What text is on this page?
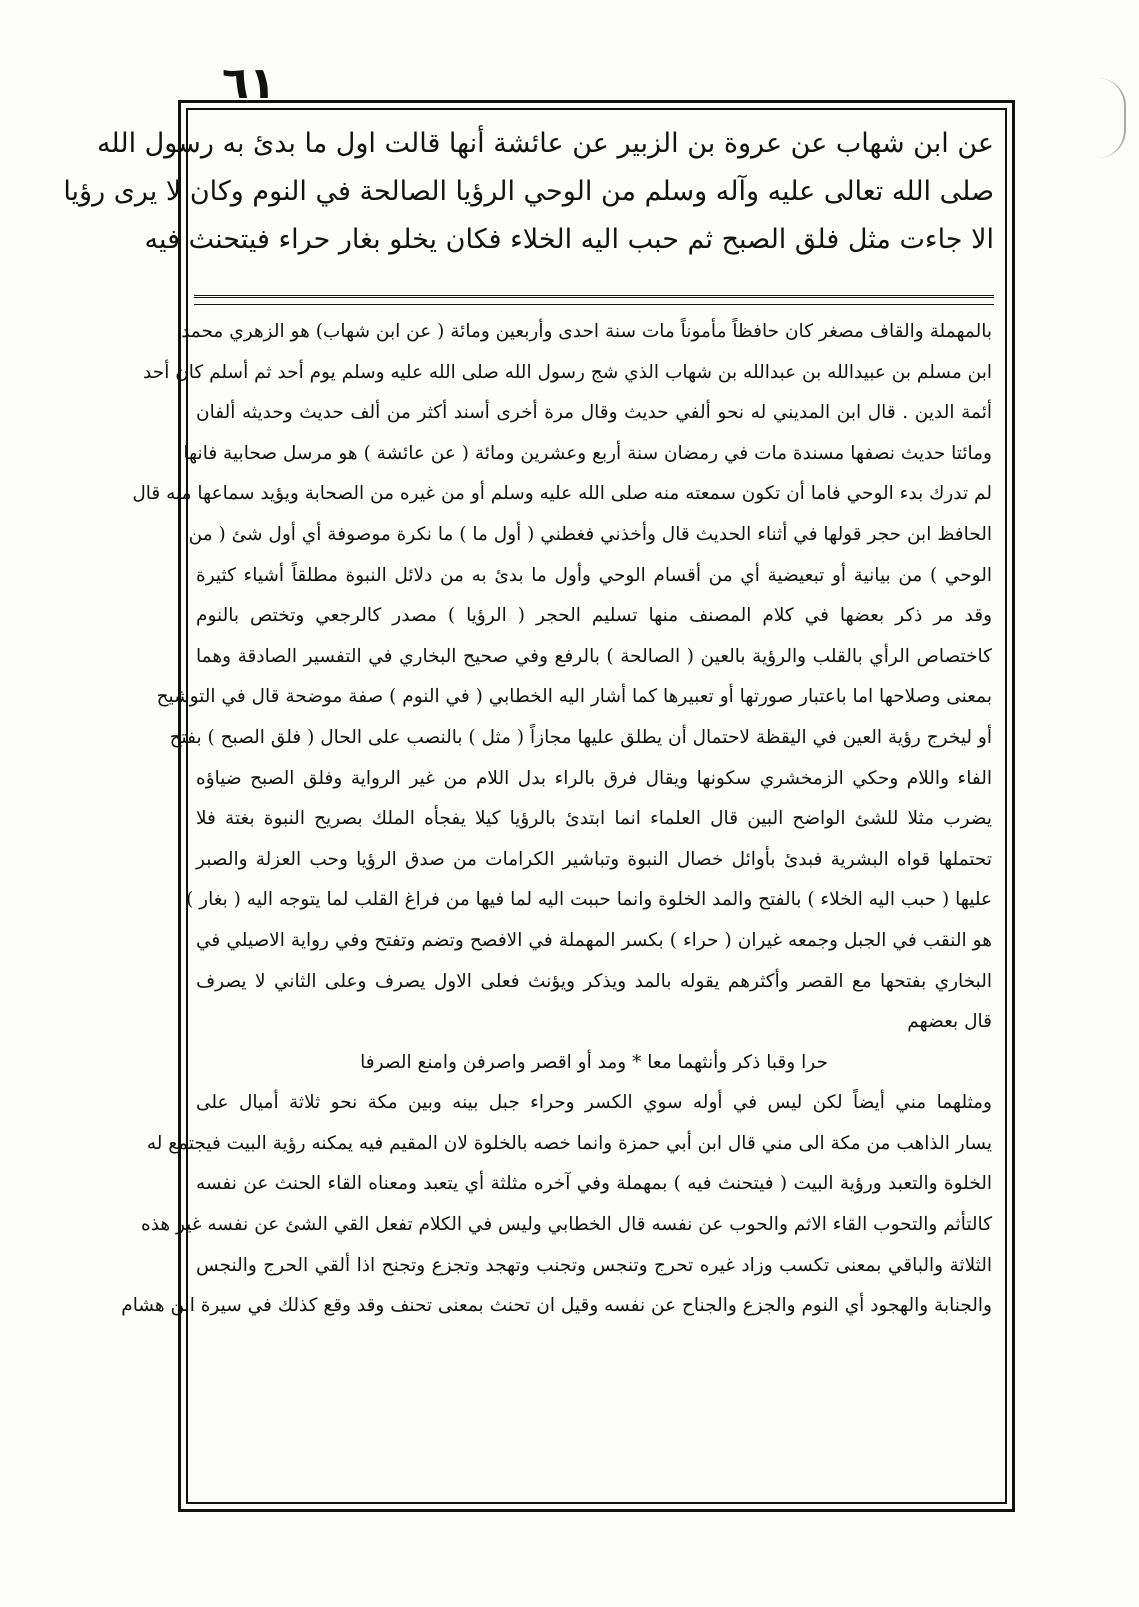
٦١
عن ابن شهاب عن عروة بن الزبير عن عائشة أنها قالت اول ما بدئ به رسول الله
صلى الله تعالى عليه وآله وسلم من الوحي الرؤيا الصالحة في النوم وكان لا يرى رؤيا
الا جاءت مثل فلق الصبح ثم حبب اليه الخلاء فكان يخلو بغار حراء فيتحنث فيه
بالمهملة والقاف مصغر كان حافظاً مأموناً مات سنة احدى وأربعين ومائة ( عن ابن شهاب) هو الزهري محمد
ابن مسلم بن عبيدالله بن عبدالله بن شهاب الذي شج رسول الله صلى الله عليه وسلم يوم أحد ثم أسلم كان أحد
أئمة الدين . قال ابن المديني له نحو ألفي حديث وقال مرة أخرى أسند أكثر من ألف حديث وحديثه ألفان
ومائتا حديث نصفها مسندة مات في رمضان سنة أربع وعشرين ومائة ( عن عائشة ) هو مرسل صحابية فانها
لم تدرك بدء الوحي فاما أن تكون سمعته منه صلى الله عليه وسلم أو من غيره من الصحابة ويؤيد سماعها منه قال
الحافظ ابن حجر قولها في أثناء الحديث قال وأخذني فغطني ( أول ما ) ما نكرة موصوفة أي أول شئ ( من
الوحي ) من بيانية أو تبعيضية أي من أقسام الوحي وأول ما بدئ به من دلائل النبوة مطلقاً أشياء كثيرة
وقد مر ذكر بعضها في كلام المصنف منها تسليم الحجر ( الرؤيا ) مصدر كالرجعي وتختص بالنوم
كاختصاص الرأي بالقلب والرؤية بالعين ( الصالحة ) بالرفع وفي صحيح البخاري في التفسير الصادقة وهما
بمعنى وصلاحها اما باعتبار صورتها أو تعبيرها كما أشار اليه الخطابي ( في النوم ) صفة موضحة قال في التوشيح
أو ليخرج رؤية العين في اليقظة لاحتمال أن يطلق عليها مجازاً ( مثل ) بالنصب على الحال ( فلق الصبح ) بفتح
الفاء واللام وحكي الزمخشري سكونها ويقال فرق بالراء بدل اللام من غير الرواية وفلق الصبح ضياؤه
يضرب مثلا للشئ الواضح البين قال العلماء انما ابتدئ بالرؤيا كيلا يفجأه الملك بصريح النبوة بغتة فلا
تحتملها قواه البشرية فبدئ بأوائل خصال النبوة وتباشير الكرامات من صدق الرؤيا وحب العزلة والصبر
عليها ( حبب اليه الخلاء ) بالفتح والمد الخلوة وانما حببت اليه لما فيها من فراغ القلب لما يتوجه اليه ( بغار )
هو النقب في الجبل وجمعه غيران ( حراء ) بكسر المهملة في الافصح وتضم وتفتح وفي رواية الاصيلي في
البخاري بفتحها مع القصر وأكثرهم يقوله بالمد ويذكر ويؤنث فعلى الاول يصرف وعلى الثاني لا يصرف
قال بعضهم
حرا وقبا ذكر وأنثهما معا * ومد أو اقصر واصرفن وامنع الصرفا
ومثلهما مني أيضاً لكن ليس في أوله سوي الكسر وحراء جبل بينه وبين مكة نحو ثلاثة أميال على
يسار الذاهب من مكة الى مني قال ابن أبي حمزة وانما خصه بالخلوة لان المقيم فيه يمكنه رؤية البيت فيجتمع له
الخلوة والتعبد ورؤية البيت ( فيتحنث فيه ) بمهملة وفي آخره مثلثة أي يتعبد ومعناه القاء الحنث عن نفسه
كالتأثم والتحوب القاء الاثم والحوب عن نفسه قال الخطابي وليس في الكلام تفعل القي الشئ عن نفسه غير هذه
الثلاثة والباقي بمعنى تكسب وزاد غيره تحرج وتنجس وتجنب وتهجد وتجزع وتجنح اذا ألقي الحرج والنجس
والجنابة والهجود أي النوم والجزع والجناح عن نفسه وقيل ان تحنث بمعنى تحنف وقد وقع كذلك في سيرة ابن هشام
